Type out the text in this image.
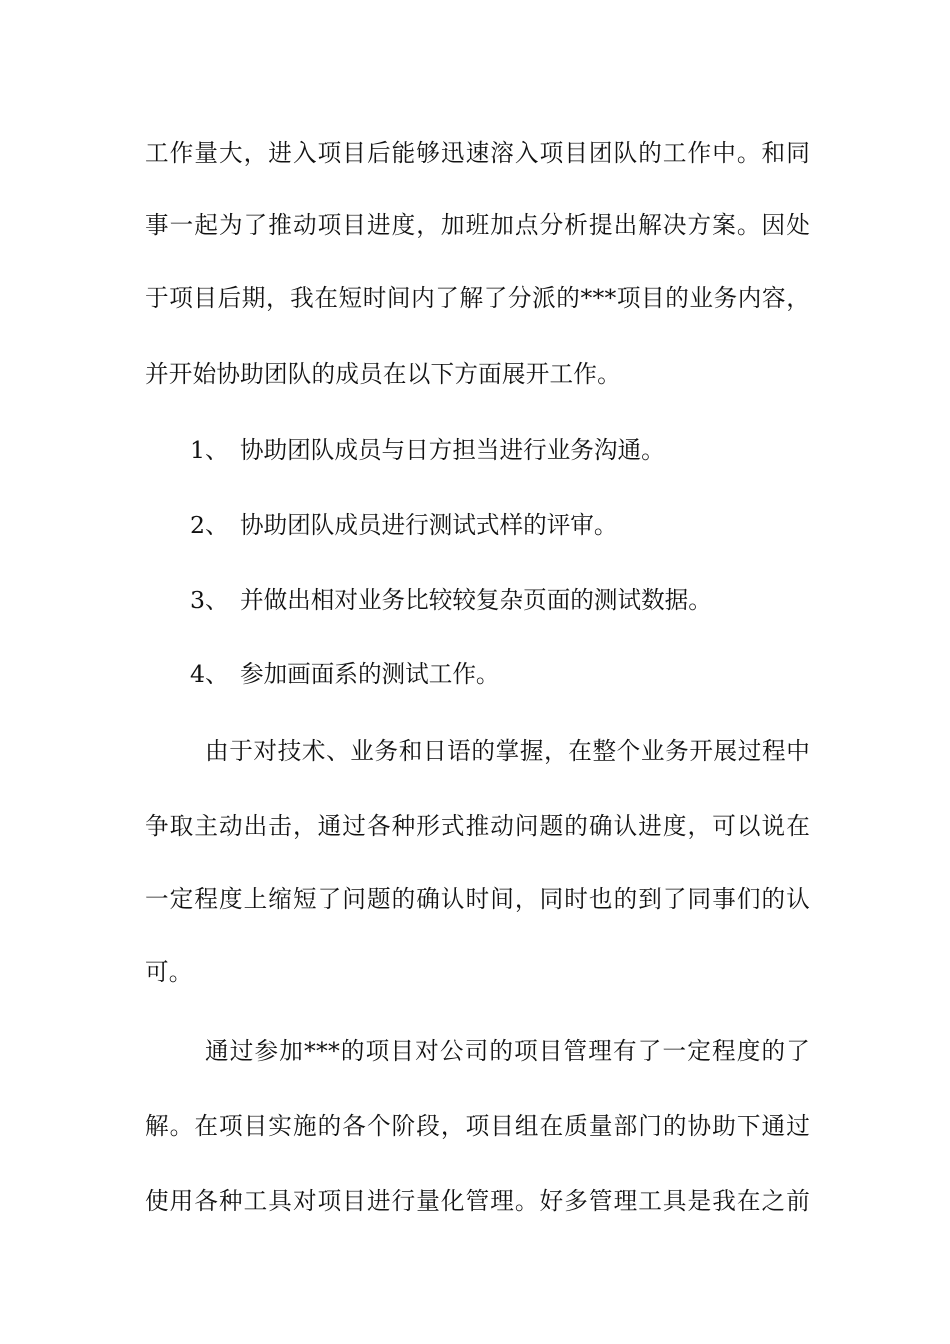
工作量大，进入项目后能够迅速溶入项目团队的工作中。和同
事一起为了推动项目进度，加班加点分析提出解决方案。因处
于项目后期，我在短时间内了解了分派的***项目的业务内容，
并开始协助团队的成员在以下方面展开工作。
1、 协助团队成员与日方担当进行业务沟通。
2、 协助团队成员进行测试式样的评审。
3、 并做出相对业务比较较复杂页面的测试数据。
4、 参加画面系的测试工作。
由于对技术、业务和日语的掌握，在整个业务开展过程中
争取主动出击，通过各种形式推动问题的确认进度，可以说在
一定程度上缩短了问题的确认时间，同时也的到了同事们的认
可。
通过参加***的项目对公司的项目管理有了一定程度的了
解。在项目实施的各个阶段，项目组在质量部门的协助下通过
使用各种工具对项目进行量化管理。好多管理工具是我在之前
